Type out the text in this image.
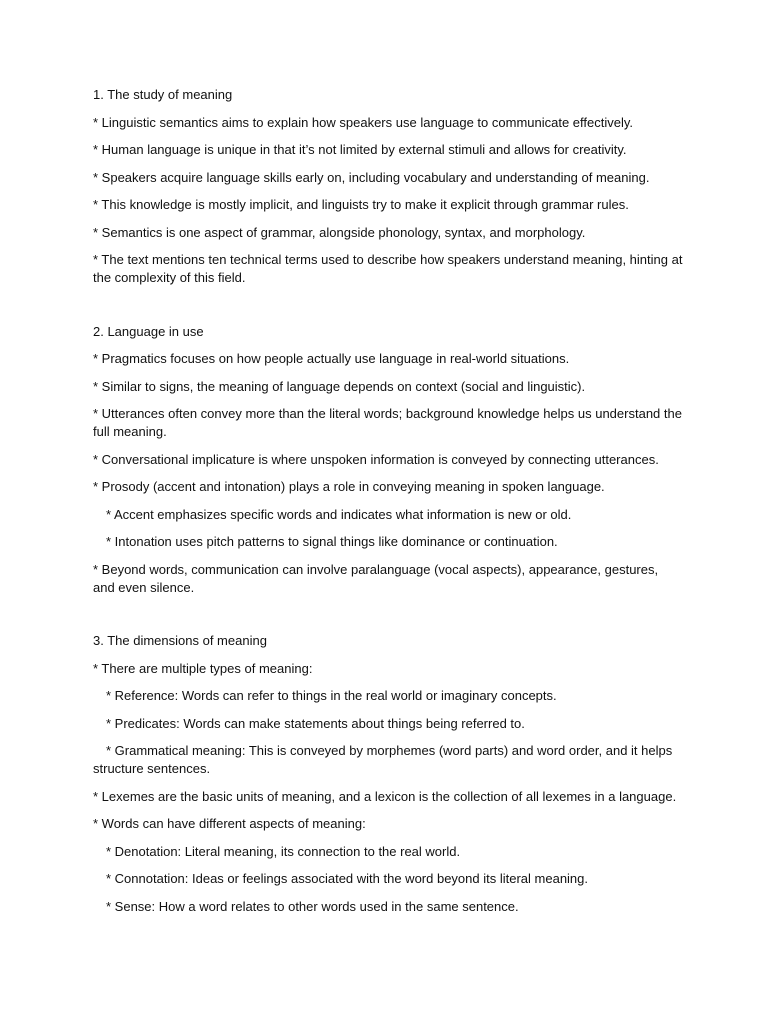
1. The study of meaning
* Linguistic semantics aims to explain how speakers use language to communicate effectively.
* Human language is unique in that it’s not limited by external stimuli and allows for creativity.
* Speakers acquire language skills early on, including vocabulary and understanding of meaning.
* This knowledge is mostly implicit, and linguists try to make it explicit through grammar rules.
* Semantics is one aspect of grammar, alongside phonology, syntax, and morphology.
* The text mentions ten technical terms used to describe how speakers understand meaning, hinting at the complexity of this field.
2. Language in use
* Pragmatics focuses on how people actually use language in real-world situations.
* Similar to signs, the meaning of language depends on context (social and linguistic).
* Utterances often convey more than the literal words; background knowledge helps us understand the full meaning.
* Conversational implicature is where unspoken information is conveyed by connecting utterances.
* Prosody (accent and intonation) plays a role in conveying meaning in spoken language.
* Accent emphasizes specific words and indicates what information is new or old.
* Intonation uses pitch patterns to signal things like dominance or continuation.
* Beyond words, communication can involve paralanguage (vocal aspects), appearance, gestures, and even silence.
3. The dimensions of meaning
* There are multiple types of meaning:
* Reference: Words can refer to things in the real world or imaginary concepts.
* Predicates: Words can make statements about things being referred to.
* Grammatical meaning: This is conveyed by morphemes (word parts) and word order, and it helps structure sentences.
* Lexemes are the basic units of meaning, and a lexicon is the collection of all lexemes in a language.
* Words can have different aspects of meaning:
* Denotation: Literal meaning, its connection to the real world.
* Connotation: Ideas or feelings associated with the word beyond its literal meaning.
* Sense: How a word relates to other words used in the same sentence.
